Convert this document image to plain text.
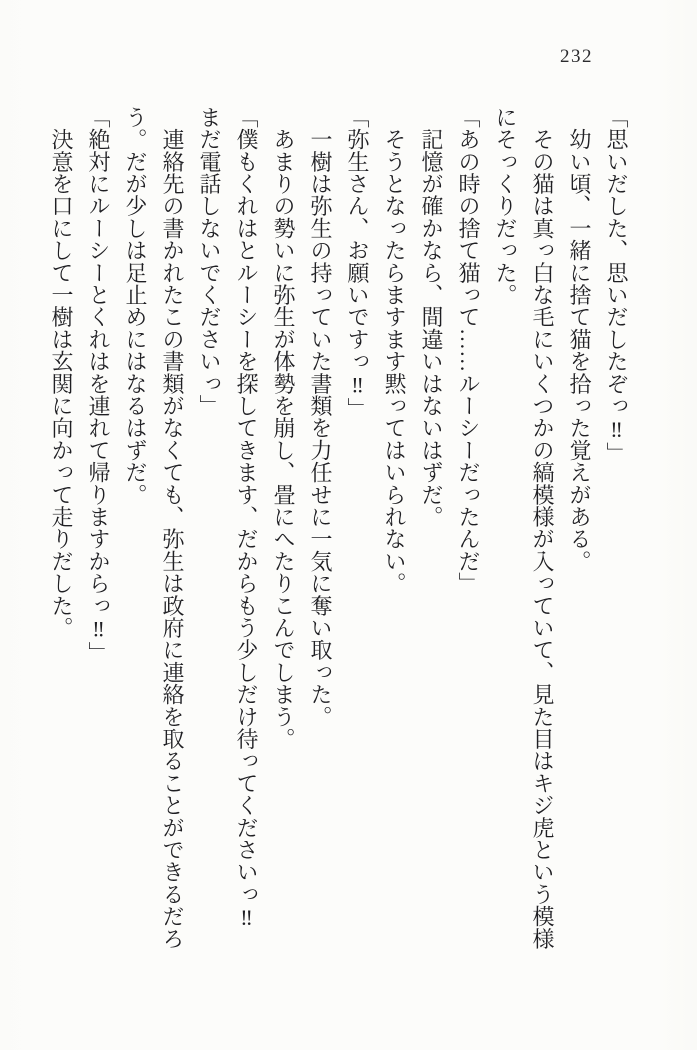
232

「思いだした、思いだしたぞっ‼」

　幼い頃、一緒に捨て猫を拾った覚えがある。

　その猫は真っ白な毛にいくつかの縞模様が入っていて、見た目はキジ虎という模様

にそっくりだった。

「あの時の捨て猫って……ルーシーだったんだ」

　記憶が確かなら、間違いはないはずだ。

　そうとなったらますます黙ってはいられない。

「弥生さん、お願いですっ‼」

　一樹は弥生の持っていた書類を力任せに一気に奪い取った。

　あまりの勢いに弥生が体勢を崩し、畳にへたりこんでしまう。

「僕もくれはとルーシーを探してきます、だからもう少しだけ待ってくださいっ‼

まだ電話しないでくださいっ」

　連絡先の書かれたこの書類がなくても、弥生は政府に連絡を取ることができるだろ

う。だが少しは足止めにはなるはずだ。

「絶対にルーシーとくれはを連れて帰りますからっ‼」

　決意を口にして一樹は玄関に向かって走りだした。
